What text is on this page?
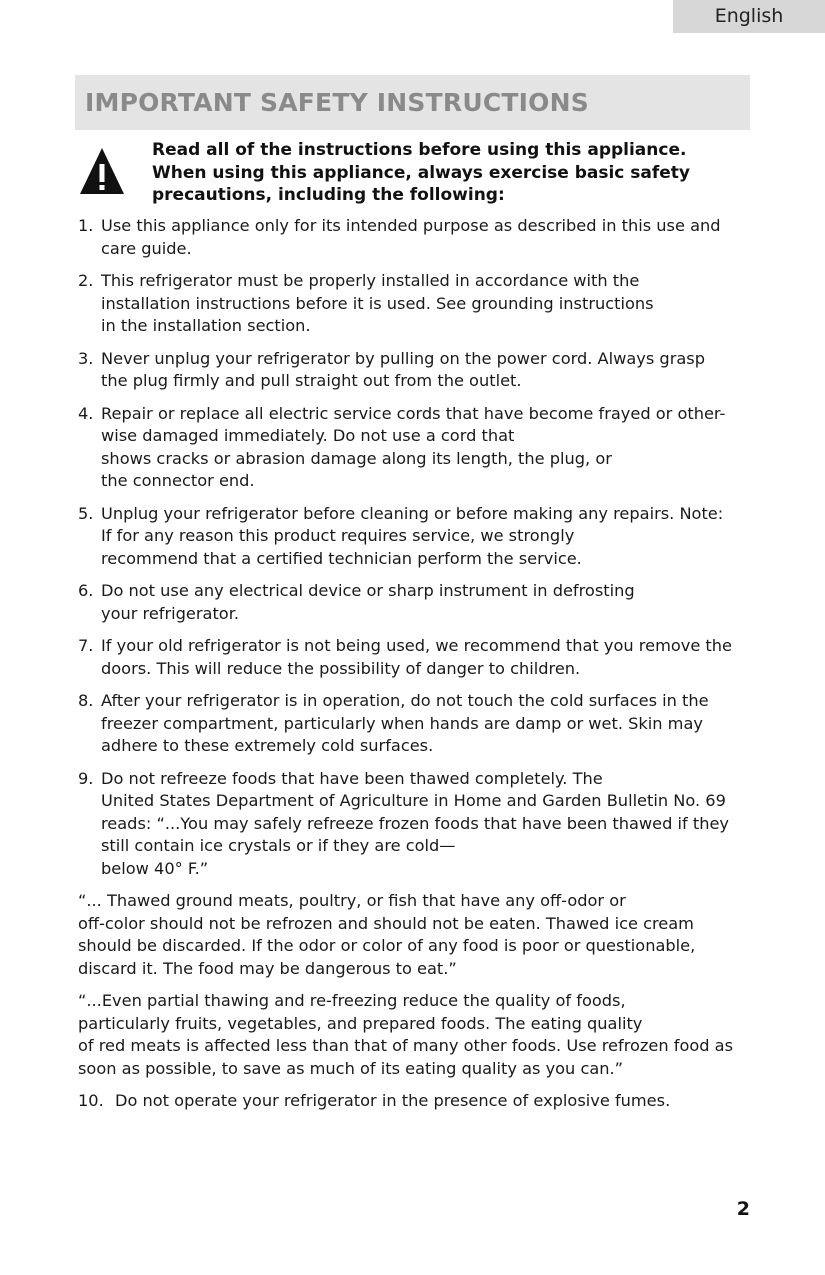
English
IMPORTANT SAFETY INSTRUCTIONS
Read all of the instructions before using this appliance.
When using this appliance, always exercise basic safety
precautions, including the following:
1. Use this appliance only for its intended purpose as described in this use and
care guide.
2. This refrigerator must be properly installed in accordance with the
installation instructions before it is used. See grounding instructions
in the installation section.
3. Never unplug your refrigerator by pulling on the power cord. Always grasp
the plug firmly and pull straight out from the outlet.
4. Repair or replace all electric service cords that have become frayed or other-
wise damaged immediately. Do not use a cord that
shows cracks or abrasion damage along its length, the plug, or
the connector end.
5. Unplug your refrigerator before cleaning or before making any repairs. Note:
If for any reason this product requires service, we strongly
recommend that a certified technician perform the service.
6. Do not use any electrical device or sharp instrument in defrosting
your refrigerator.
7. If your old refrigerator is not being used, we recommend that you remove the
doors. This will reduce the possibility of danger to children.
8. After your refrigerator is in operation, do not touch the cold surfaces in the
freezer compartment, particularly when hands are damp or wet. Skin may
adhere to these extremely cold surfaces.
9. Do not refreeze foods that have been thawed completely. The
United States Department of Agriculture in Home and Garden Bulletin No. 69
reads: “...You may safely refreeze frozen foods that have been thawed if they
still contain ice crystals or if they are cold—
below 40° F.”
“... Thawed ground meats, poultry, or fish that have any off-odor or
off-color should not be refrozen and should not be eaten. Thawed ice cream
should be discarded. If the odor or color of any food is poor or questionable,
discard it. The food may be dangerous to eat.”
“...Even partial thawing and re-freezing reduce the quality of foods,
particularly fruits, vegetables, and prepared foods. The eating quality
of red meats is affected less than that of many other foods. Use refrozen food as
soon as possible, to save as much of its eating quality as you can.”
10. Do not operate your refrigerator in the presence of explosive fumes.
2
